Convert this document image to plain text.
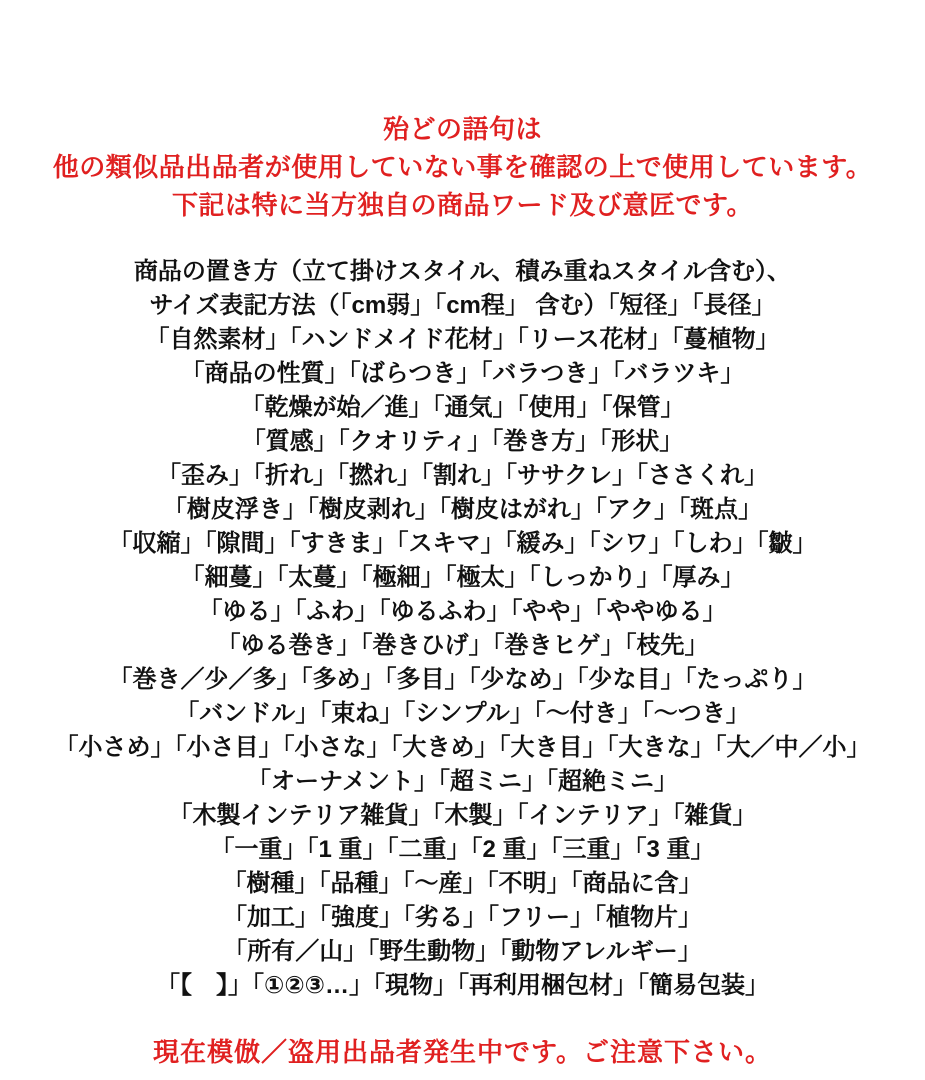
殆どの語句は
他の類似品出品者が使用していない事を確認の上で使用しています。
下記は特に当方独自の商品ワード及び意匠です。
商品の置き方（立て掛けスタイル、積み重ねスタイル含む）、
サイズ表記方法（「cm弱」「cm程」 含む）「短径」「長径」
「自然素材」「ハンドメイド花材」「リース花材」「蔓植物」
「商品の性質」「ばらつき」「バラつき」「バラツキ」
「乾燥が始／進」「通気」「使用」「保管」
「質感」「クオリティ」「巻き方」「形状」
「歪み」「折れ」「撚れ」「割れ」「ササクレ」「ささくれ」
「樹皮浮き」「樹皮剥れ」「樹皮はがれ」「アク」「斑点」
「収縮」「隙間」「すきま」「スキマ」「緩み」「シワ」「しわ」「皺」
「細蔓」「太蔓」「極細」「極太」「しっかり」「厚み」
「ゆる」「ふわ」「ゆるふわ」「やや」「ややゆる」
「ゆる巻き」「巻きひげ」「巻きヒゲ」「枝先」
「巻き／少／多」「多め」「多目」「少なめ」「少な目」「たっぷり」
「バンドル」「束ね」「シンプル」「～付き」「～つき」
「小さめ」「小さ目」「小さな」「大きめ」「大き目」「大きな」「大／中／小」
「オーナメント」「超ミニ」「超絶ミニ」
「木製インテリア雑貨」「木製」「インテリア」「雑貨」
「一重」「1 重」「二重」「2 重」「三重」「3 重」
「樹種」「品種」「～産」「不明」「商品に含」
「加工」「強度」「劣る」「フリー」「植物片」
「所有／山」「野生動物」「動物アレルギー」
「【　】」「①②③…」「現物」「再利用梱包材」「簡易包装」
現在模倣／盗用出品者発生中です。ご注意下さい。
